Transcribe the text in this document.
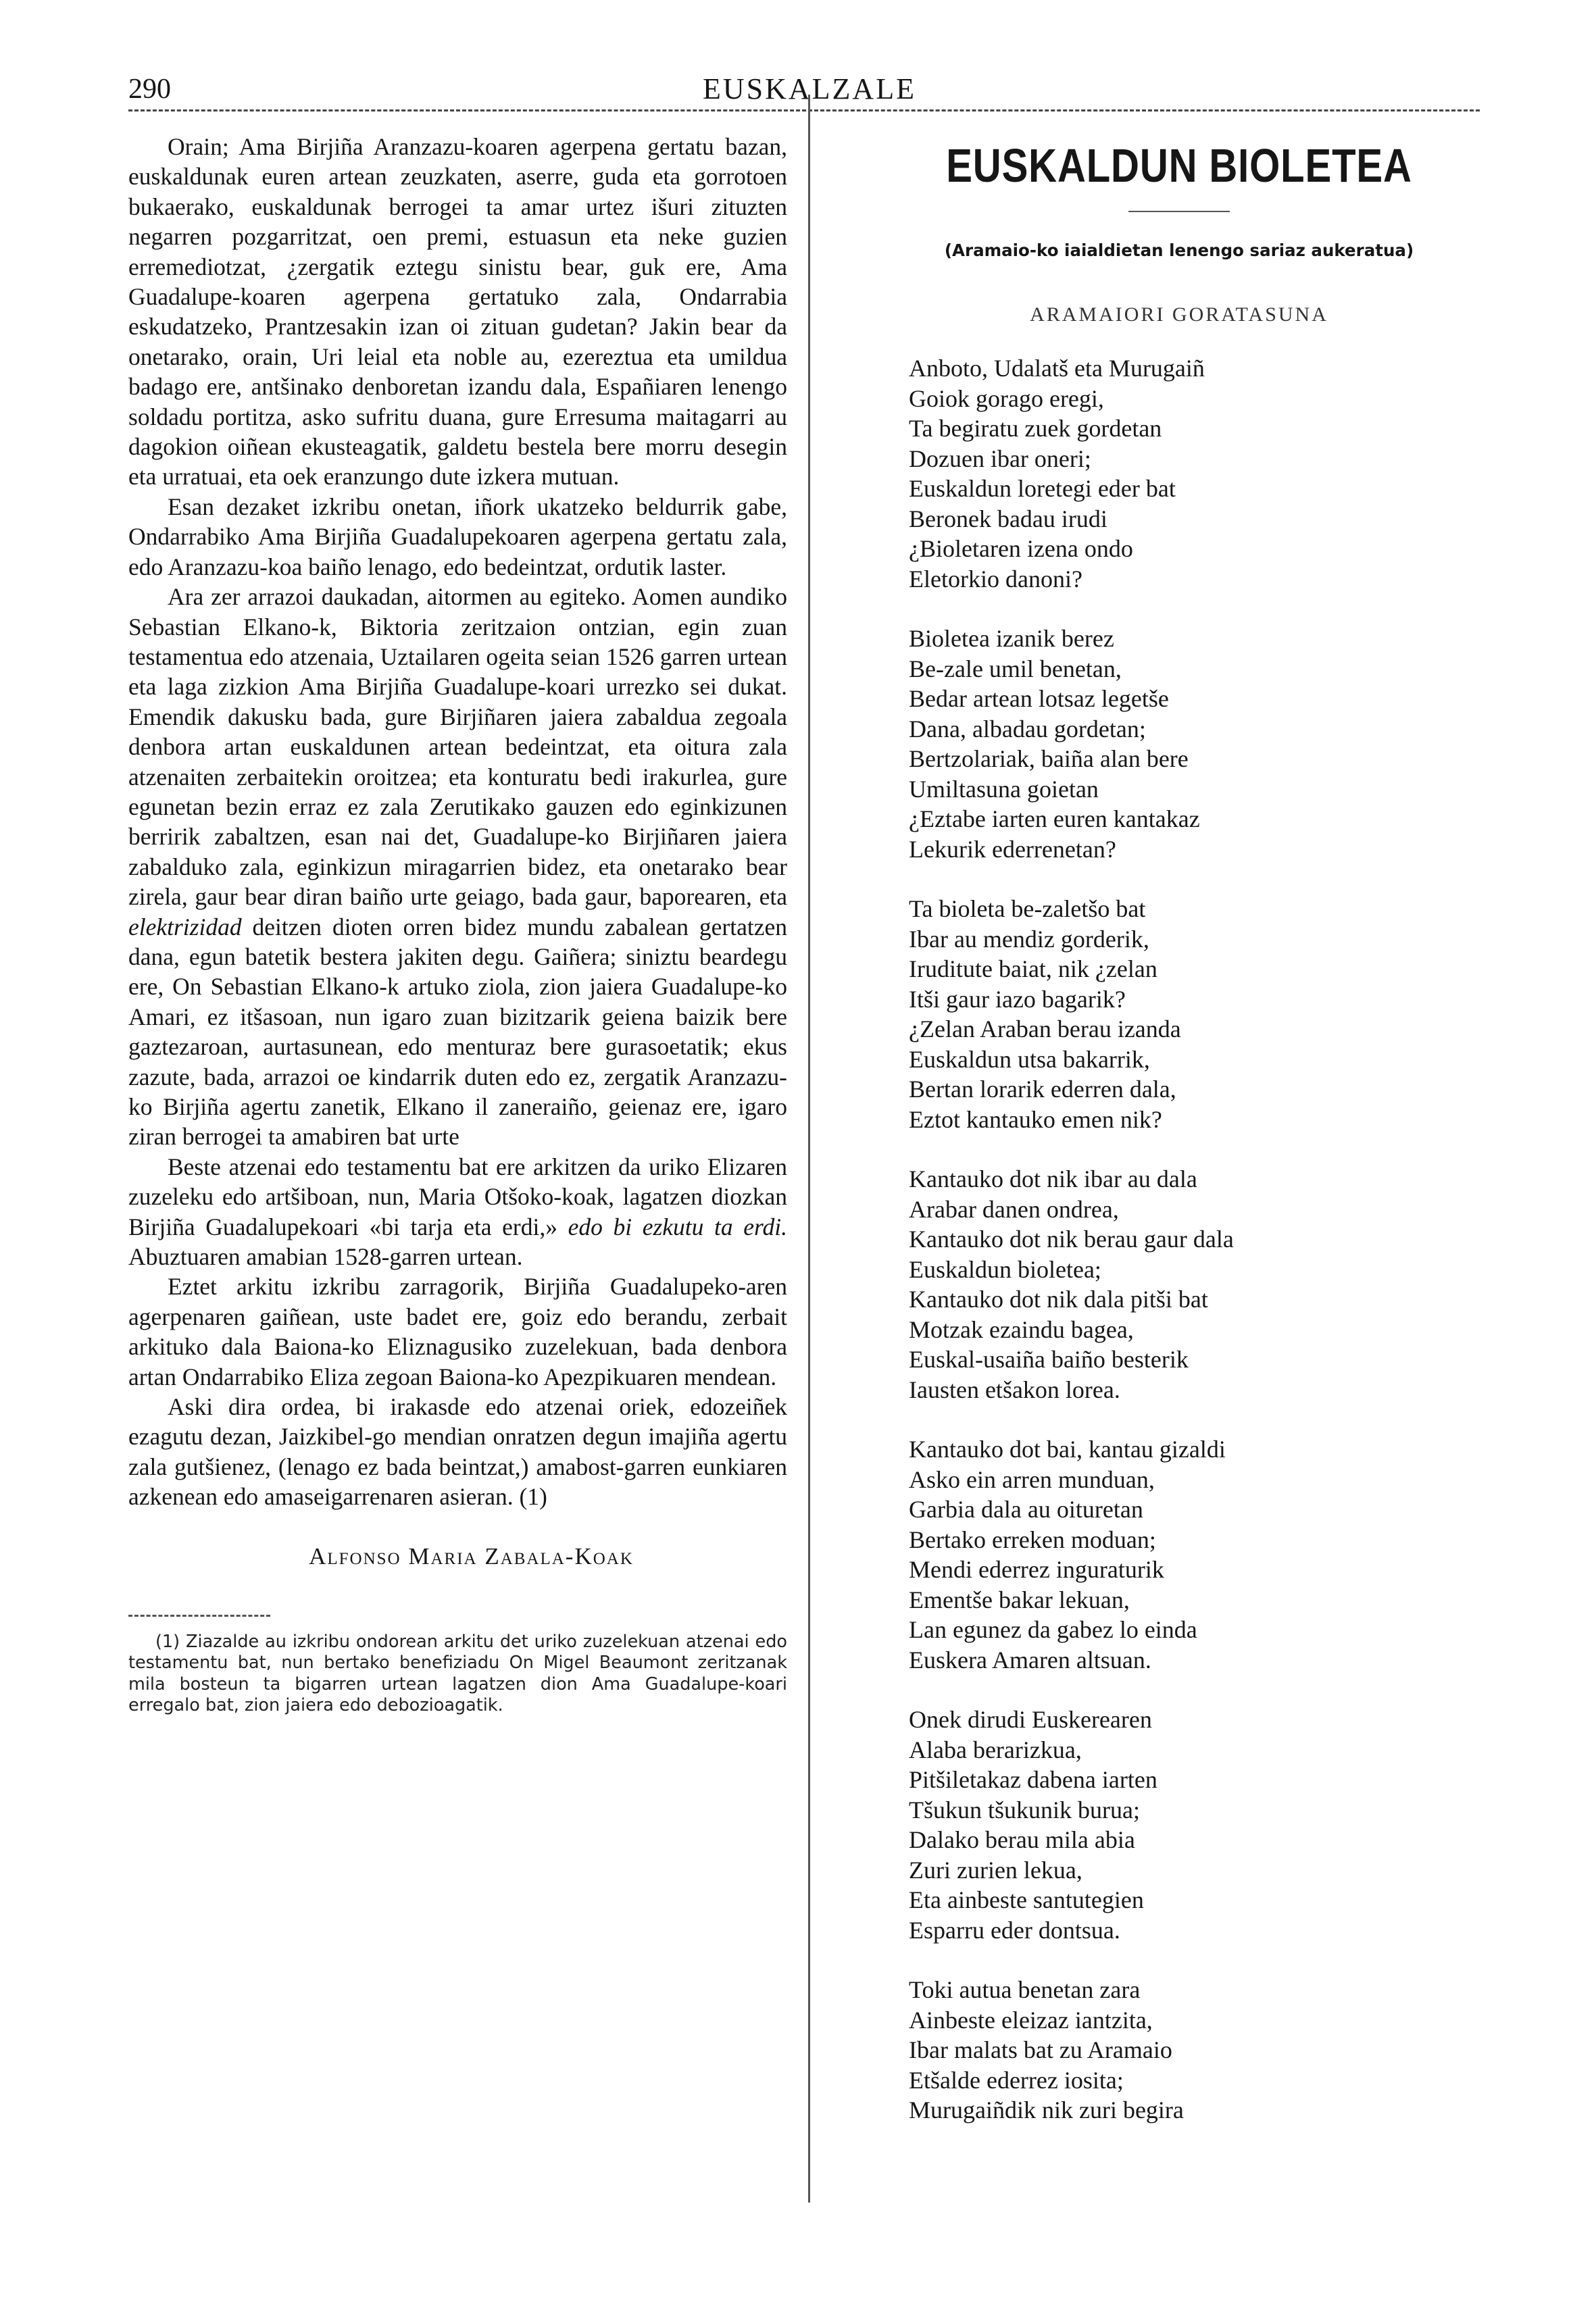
290	EUSKALZALE

Orain; Ama Birjiña Aranzazu-koaren agerpena gertatu bazan, euskaldunak euren artean zeuzkaten, aserre, guda eta gorrotoen bukaerako, euskaldunak berrogei ta amar urtez išuri zituzten negarren pozgarritzat, oen premi, estuasun eta neke guzien erremediotzat, ¿zergatik eztegu sinistu bear, guk ere, Ama Guadalupe-koaren agerpena gertatuko zala, Ondarrabia eskudatzeko, Prantzesakin izan oi zituan gudetan? Jakin bear da onetarako, orain, Uri leial eta noble au, ezereztua eta umildua badago ere, antšinako denboretan izandu dala, Españiaren lenengo soldadu portitza, asko sufritu duana, gure Erresuma maitagarri au dagokion oiñean ekusteagatik, galdetu bestela bere morru desegin eta urratuai, eta oek eranzungo dute izkera mutuan.

Esan dezaket izkribu onetan, iñork ukatzeko beldurrik gabe, Ondarrabiko Ama Birjiña Guadalupekoaren agerpena gertatu zala, edo Aranzazu-koa baiño lenago, edo bedeintzat, ordutik laster.

Ara zer arrazoi daukadan, aitormen au egiteko. Aomen aundiko Sebastian Elkano-k, Biktoria zeritzaion ontzian, egin zuan testamentua edo atzenaia, Uztailaren ogeita seian 1526 garren urtean eta laga zizkion Ama Birjiña Guadalupe-koari urrezko sei dukat. Emendik dakusku bada, gure Birjiñaren jaiera zabaldua zegoala denbora artan euskaldunen artean bedeintzat, eta oitura zala atzenaiten zerbaitekin oroitzea; eta konturatu bedi irakurlea, gure egunetan bezin erraz ez zala Zerutikako gauzen edo eginkizunen berririk zabaltzen, esan nai det, Guadalupe-ko Birjiñaren jaiera zabalduko zala, eginkizun miragarrien bidez, eta onetarako bear zirela, gaur bear diran baiño urte geiago, bada gaur, baporearen, eta elektrizidad deitzen dioten orren bidez mundu zabalean gertatzen dana, egun batetik bestera jakiten degu. Gaiñera; siniztu beardegu ere, On Sebastian Elkano-k artuko ziola, zion jaiera Guadalupe-ko Amari, ez itšasoan, nun igaro zuan bizitzarik geiena baizik bere gaztezaroan, aurtasunean, edo menturaz bere gurasoetatik; ekus zazute, bada, arrazoi oe kindarrik duten edo ez, zergatik Aranzazu-ko Birjiña agertu zanetik, Elkano il zaneraiño, geienaz ere, igaro ziran berrogei ta amabiren bat urte

Beste atzenai edo testamentu bat ere arkitzen da uriko Elizaren zuzeleku edo artšiboan, nun, Maria Otšoko-koak, lagatzen diozkan Birjiña Guadalupekoari «bi tarja eta erdi,» edo bi ezkutu ta erdi. Abuztuaren amabian 1528-garren urtean.

Eztet arkitu izkribu zarragorik, Birjiña Guadalupeko-aren agerpenaren gaiñean, uste badet ere, goiz edo berandu, zerbait arkituko dala Baiona-ko Eliznagusiko zuzelekuan, bada denbora artan Ondarrabiko Eliza zegoan Baiona-ko Apezpikuaren mendean.

Aski dira ordea, bi irakasde edo atzenai oriek, edozeiñek ezagutu dezan, Jaizkibel-go mendian onratzen degun imajiña agertu zala gutšienez, (lenago ez bada beintzat,) amabost-garren eunkiaren azkenean edo amaseigarrenaren asieran. (1)

Alfonso Maria Zabala-Koak

(1) Ziazalde au izkribu ondorean arkitu det uriko zuzelekuan atzenai edo testamentu bat, nun bertako benefiziadu On Migel Beaumont zeritzanak mila bosteun ta bigarren urtean lagatzen dion Ama Guadalupe-koari erregalo bat, zion jaiera edo debozioagatik.

EUSKALDUN BIOLETEA

(Aramaio-ko iaialdietan lenengo sariaz aukeratua)

ARAMAIORI GORATASUNA
Anboto, Udalatš eta Murugaiñ
Goiok gorago eregi,
Ta begiratu zuek gordetan
Dozuen ibar oneri;
Euskaldun loretegi eder bat
Beronek badau irudi
¿Bioletaren izena ondo
Eletorkio danoni?
Bioletea izanik berez
Be-zale umil benetan,
Bedar artean lotsaz legetše
Dana, albadau gordetan;
Bertzolariak, baiña alan bere
Umiltasuna goietan
¿Eztabe iarten euren kantakaz
Lekurik ederrenetan?
Ta bioleta be-zaletšo bat
Ibar au mendiz gorderik,
Iruditute baiat, nik ¿zelan
Itši gaur iazo bagarik?
¿Zelan Araban berau izanda
Euskaldun utsa bakarrik,
Bertan lorarik ederren dala,
Eztot kantauko emen nik?
Kantauko dot nik ibar au dala
Arabar danen ondrea,
Kantauko dot nik berau gaur dala
Euskaldun bioletea;
Kantauko dot nik dala pitši bat
Motzak ezaindu bagea,
Euskal-usaiña baiño besterik
Iausten etšakon lorea.
Kantauko dot bai, kantau gizaldi
Asko ein arren munduan,
Garbia dala au oituretan
Bertako erreken moduan;
Mendi ederrez inguraturik
Ementše bakar lekuan,
Lan egunez da gabez lo einda
Euskera Amaren altsuan.
Onek dirudi Euskerearen
Alaba berarizkua,
Pitšiletakaz dabena iarten
Tšukun tšukunik burua;
Dalako berau mila abia
Zuri zurien lekua,
Eta ainbeste santutegien
Esparru eder dontsua.
Toki autua benetan zara
Ainbeste eleizaz iantzita,
Ibar malats bat zu Aramaio
Etšalde ederrez iosita;
Murugaiñdik nik zuri begira
